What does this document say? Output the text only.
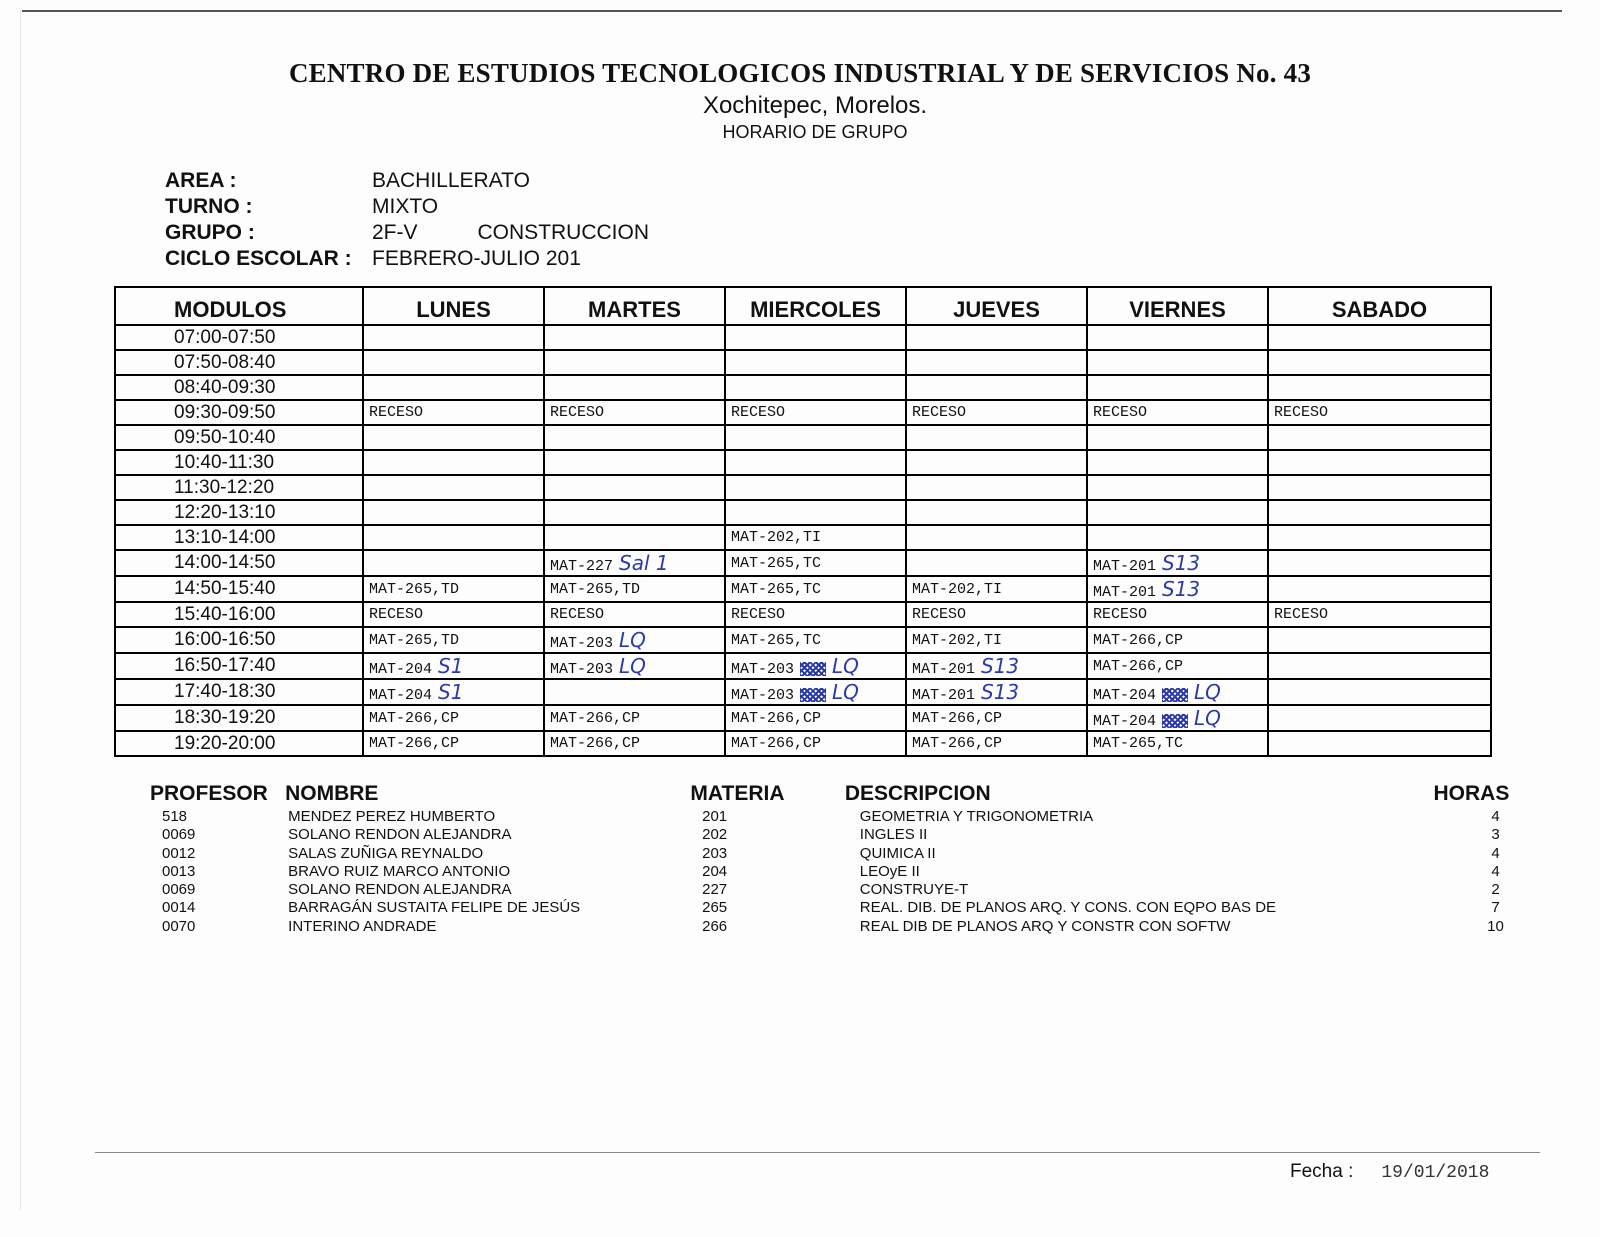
CENTRO DE ESTUDIOS TECNOLOGICOS INDUSTRIAL Y DE SERVICIOS No. 43
Xochitepec, Morelos.
HORARIO DE GRUPO
AREA :	BACHILLERATO
TURNO :	MIXTO
GRUPO :	2F-V	CONSTRUCCION
CICLO ESCOLAR : FEBRERO-JULIO 201
MODULOS	LUNES	MARTES	MIERCOLES	JUEVES	VIERNES	SABADO
07:00-07:50						
07:50-08:40						
08:40-09:30						
09:30-09:50	RECESO	RECESO	RECESO	RECESO	RECESO	RECESO
09:50-10:40						
10:40-11:30						
11:30-12:20						
12:20-13:10						
13:10-14:00			MAT-202,TI			
14:00-14:50		MAT-227 Sal 1	MAT-265,TC		MAT-201 S13	
14:50-15:40	MAT-265,TD	MAT-265,TD	MAT-265,TC	MAT-202,TI	MAT-201 S13	
15:40-16:00	RECESO	RECESO	RECESO	RECESO	RECESO	RECESO
16:00-16:50	MAT-265,TD	MAT-203 LQ	MAT-265,TC	MAT-202,TI	MAT-266,CP	
16:50-17:40	MAT-204 S1	MAT-203 LQ	MAT-203 LQ	MAT-201 S13	MAT-266,CP	
17:40-18:30	MAT-204 S1		MAT-203 LQ	MAT-201 S13	MAT-204 LQ	
18:30-19:20	MAT-266,CP	MAT-266,CP	MAT-266,CP	MAT-266,CP	MAT-204 LQ	
19:20-20:00	MAT-266,CP	MAT-266,CP	MAT-266,CP	MAT-266,CP	MAT-265,TC	
PROFESOR NOMBRE	MATERIA	DESCRIPCION	HORAS
518	MENDEZ PEREZ HUMBERTO	201	GEOMETRIA Y TRIGONOMETRIA	4
0069	SOLANO RENDON ALEJANDRA	202	INGLES II	3
0012	SALAS ZUÑIGA REYNALDO	203	QUIMICA II	4
0013	BRAVO RUIZ MARCO ANTONIO	204	LEOyE II	4
0069	SOLANO RENDON ALEJANDRA	227	CONSTRUYE-T	2
0014	BARRAGÁN SUSTAITA FELIPE DE JESÚS	265	REAL. DIB. DE PLANOS ARQ. Y CONS. CON EQPO BAS DE	7
0070	INTERINO ANDRADE	266	REAL DIB DE PLANOS ARQ Y CONSTR CON SOFTW	10
Fecha : 19/01/2018
